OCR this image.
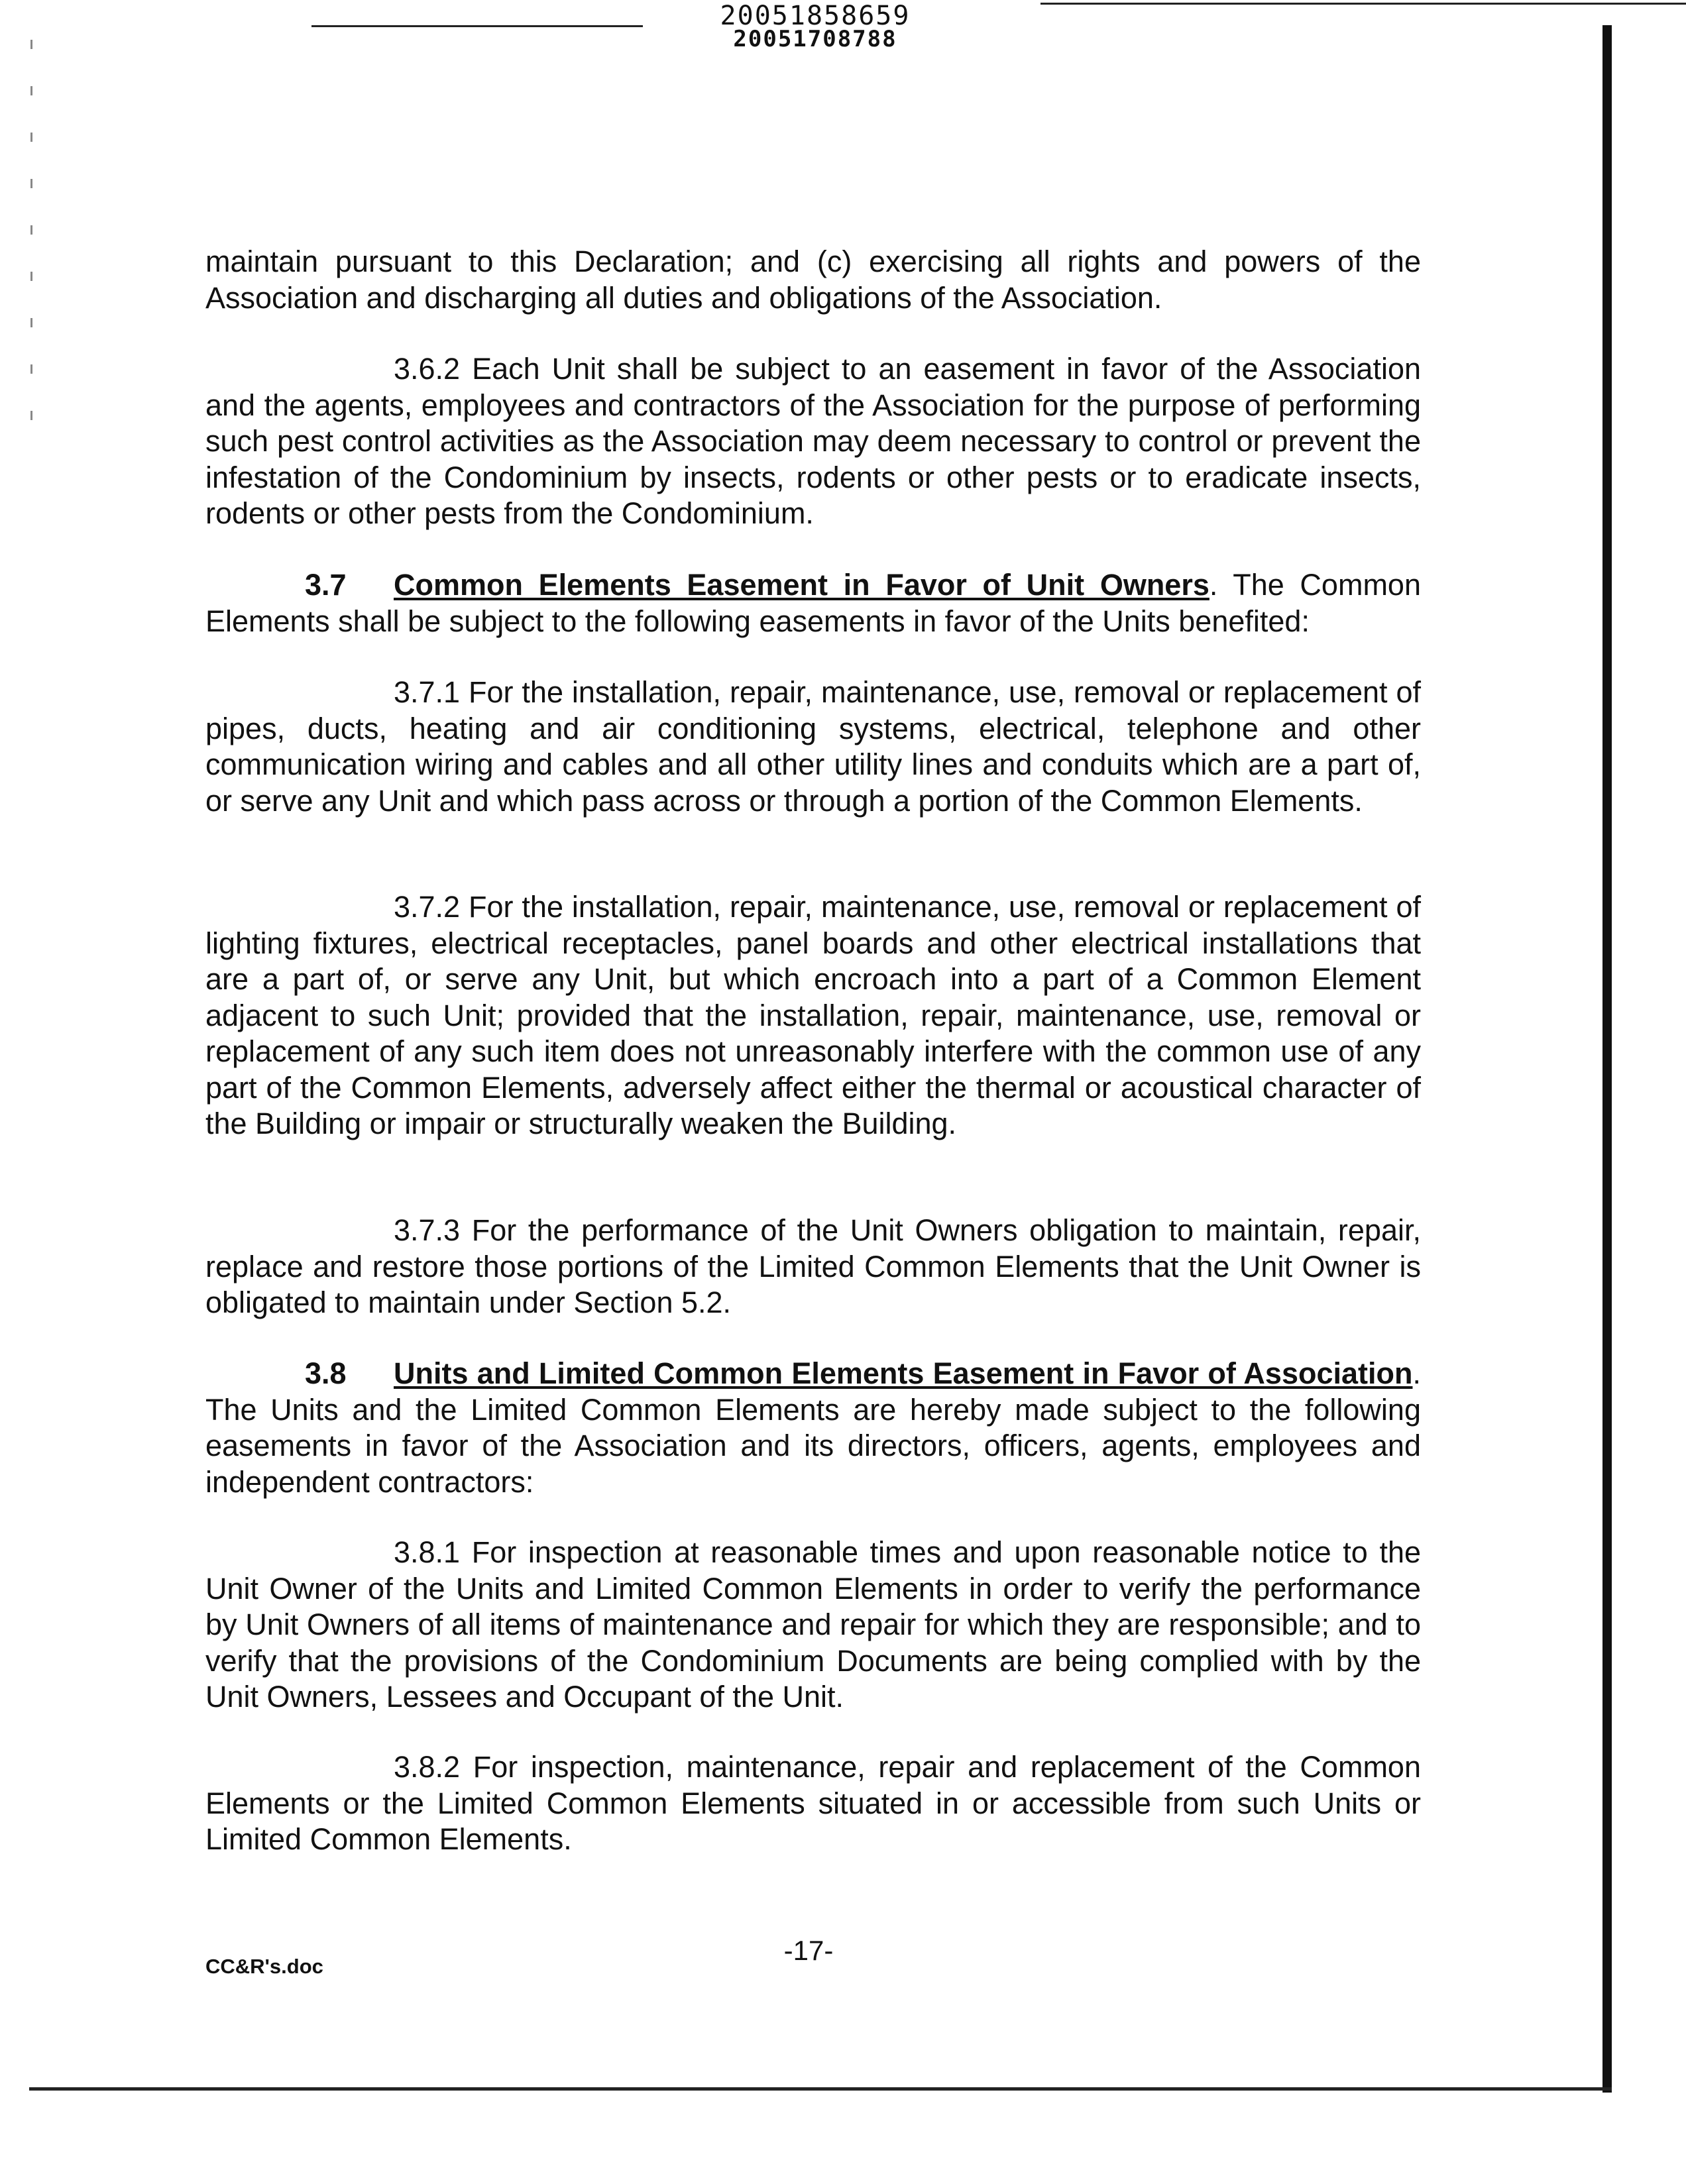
20051858659
20051708788

maintain pursuant to this Declaration; and (c) exercising all rights and powers of the Association and discharging all duties and obligations of the Association.

3.6.2 Each Unit shall be subject to an easement in favor of the Association and the agents, employees and contractors of the Association for the purpose of performing such pest control activities as the Association may deem necessary to control or prevent the infestation of the Condominium by insects, rodents or other pests or to eradicate insects, rodents or other pests from the Condominium.

3.7 Common Elements Easement in Favor of Unit Owners. The Common Elements shall be subject to the following easements in favor of the Units benefited:

3.7.1 For the installation, repair, maintenance, use, removal or replacement of pipes, ducts, heating and air conditioning systems, electrical, telephone and other communication wiring and cables and all other utility lines and conduits which are a part of, or serve any Unit and which pass across or through a portion of the Common Elements.

3.7.2 For the installation, repair, maintenance, use, removal or replacement of lighting fixtures, electrical receptacles, panel boards and other electrical installations that are a part of, or serve any Unit, but which encroach into a part of a Common Element adjacent to such Unit; provided that the installation, repair, maintenance, use, removal or replacement of any such item does not unreasonably interfere with the common use of any part of the Common Elements, adversely affect either the thermal or acoustical character of the Building or impair or structurally weaken the Building.

3.7.3 For the performance of the Unit Owners obligation to maintain, repair, replace and restore those portions of the Limited Common Elements that the Unit Owner is obligated to maintain under Section 5.2.

3.8 Units and Limited Common Elements Easement in Favor of Association. The Units and the Limited Common Elements are hereby made subject to the following easements in favor of the Association and its directors, officers, agents, employees and independent contractors:

3.8.1 For inspection at reasonable times and upon reasonable notice to the Unit Owner of the Units and Limited Common Elements in order to verify the performance by Unit Owners of all items of maintenance and repair for which they are responsible; and to verify that the provisions of the Condominium Documents are being complied with by the Unit Owners, Lessees and Occupant of the Unit.

3.8.2 For inspection, maintenance, repair and replacement of the Common Elements or the Limited Common Elements situated in or accessible from such Units or Limited Common Elements.

CC&R's.doc
-17-
